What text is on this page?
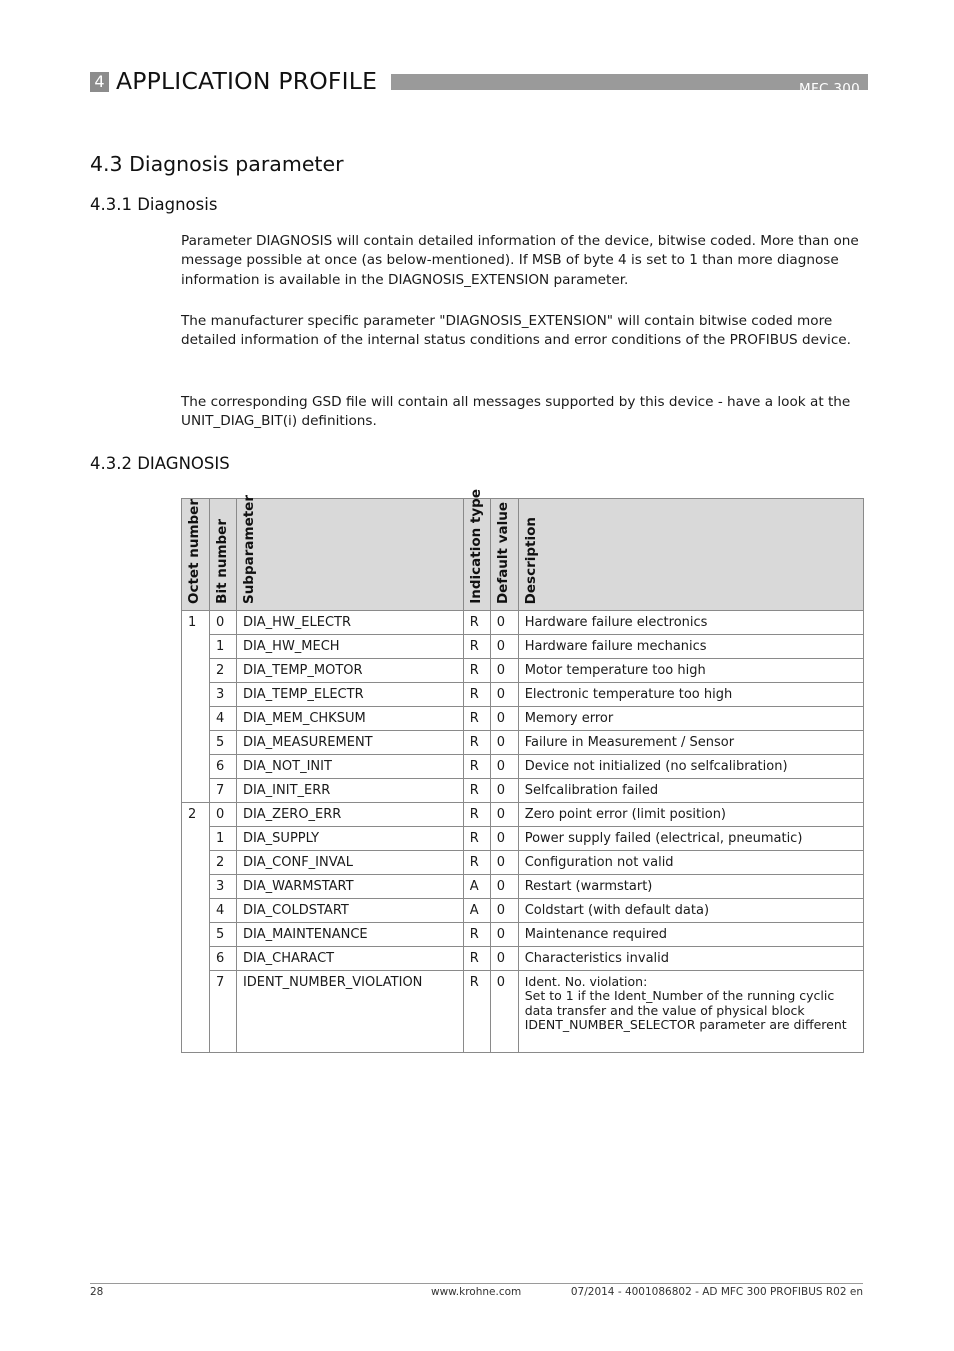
4 APPLICATION PROFILE	MFC 300
4.3 Diagnosis parameter
4.3.1 Diagnosis

Parameter DIAGNOSIS will contain detailed information of the device, bitwise coded. More than one message possible at once (as below-mentioned). If MSB of byte 4 is set to 1 than more diagnose information is available in the DIAGNOSIS_EXTENSION parameter.

The manufacturer specific parameter "DIAGNOSIS_EXTENSION" will contain bitwise coded more detailed information of the internal status conditions and error conditions of the PROFIBUS device.

The corresponding GSD file will contain all messages supported by this device - have a look at the UNIT_DIAG_BIT(i) definitions.

4.3.2 DIAGNOSIS
Octet number	Bit number	Subparameter	Indication type	Default value	Description

1	0	DIA_HW_ELECTR	R	0	Hardware failure electronics
	1	DIA_HW_MECH	R	0	Hardware failure mechanics
	2	DIA_TEMP_MOTOR	R	0	Motor temperature too high
	3	DIA_TEMP_ELECTR	R	0	Electronic temperature too high
	4	DIA_MEM_CHKSUM	R	0	Memory error
	5	DIA_MEASUREMENT	R	0	Failure in Measurement / Sensor
	6	DIA_NOT_INIT	R	0	Device not initialized (no selfcalibration)
	7	DIA_INIT_ERR	R	0	Selfcalibration failed
2	0	DIA_ZERO_ERR	R	0	Zero point error (limit position)
	1	DIA_SUPPLY	R	0	Power supply failed (electrical, pneumatic)
	2	DIA_CONF_INVAL	R	0	Configuration not valid
	3	DIA_WARMSTART	A	0	Restart (warmstart)
	4	DIA_COLDSTART	A	0	Coldstart (with default data)
	5	DIA_MAINTENANCE	R	0	Maintenance required
	6	DIA_CHARACT	R	0	Characteristics invalid
	7	IDENT_NUMBER_VIOLATION	R	0	Ident. No. violation:
Set to 1 if the Ident_Number of the running cyclic data transfer and the value of physical block IDENT_NUMBER_SELECTOR parameter are different
28	www.krohne.com	07/2014 - 4001086802 - AD MFC 300 PROFIBUS R02 en
